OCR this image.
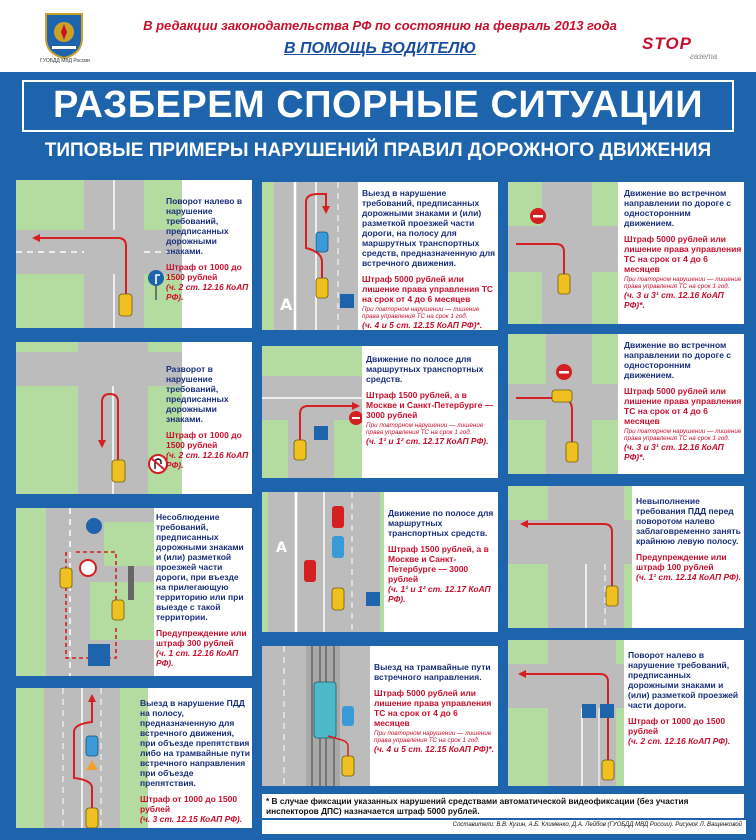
ГУОБДД МВД России
В редакции законодательства РФ по состоянию на февраль 2013 года
В ПОМОЩЬ ВОДИТЕЛЮ	STOP
газета
РАЗБЕРЕМ СПОРНЫЕ СИТУАЦИИ
ТИПОВЫЕ ПРИМЕРЫ НАРУШЕНИЙ ПРАВИЛ ДОРОЖНОГО ДВИЖЕНИЯ
Поворот налево в нарушение требований, предписанных дорожными знаками.
Штраф от 1000 до 1500 рублей
(ч. 2 ст. 12.16 КоАП РФ).
Разворот в нарушение требований, предписанных дорожными знаками.
Штраф от 1000 до 1500 рублей
(ч. 2 ст. 12.16 КоАП РФ).
Несоблюдение требований, предписанных дорожными знаками и (или) разметкой проезжей части дороги, при въезде на прилегающую территорию или при выезде с такой территории.
Предупреждение или штраф 300 рублей
(ч. 1 ст. 12.16 КоАП РФ).
Выезд в нарушение ПДД на полосу, предназначенную для встречного движения, при объезде препятствия либо на трамвайные пути встречного направления при объезде препятствия.
Штраф от 1000 до 1500 рублей
(ч. 3 ст. 12.15 КоАП РФ).
А
Выезд в нарушение требований, предписанных дорожными знаками и (или) разметкой проезжей части дороги, на полосу для маршрутных транспортных средств, предназначенную для встречного движения.
Штраф 5000 рублей или лишение права управления ТС на срок от 4 до 6 месяцев
При повторном нарушении — лишение права управления ТС на срок 1 год.
(ч. 4 и 5 ст. 12.15 КоАП РФ)*.
Движение по полосе для маршрутных транспортных средств.
Штраф 1500 рублей, а в Москве и Санкт-Петербурге — 3000 рублей
При повторном нарушении — лишение права управления ТС на срок 1 год.
(ч. 1¹ и 1² ст. 12.17 КоАП РФ).
А
Движение по полосе для маршрутных транспортных средств.
Штраф 1500 рублей, а в Москве и Санкт-Петербурге — 3000 рублей
(ч. 1¹ и 1² ст. 12.17 КоАП РФ).
Выезд на трамвайные пути встречного направления.
Штраф 5000 рублей или лишение права управления ТС на срок от 4 до 6 месяцев
При повторном нарушении — лишение права управления ТС на срок 1 год.
(ч. 4 и 5 ст. 12.15 КоАП РФ)*.
Движение во встречном направлении по дороге с односторонним движением.
Штраф 5000 рублей или лишение права управления ТС на срок от 4 до 6 месяцев
При повторном нарушении — лишение права управления ТС на срок 1 год.
(ч. 3 и 3¹ ст. 12.16 КоАП РФ)*.
Движение во встречном направлении по дороге с односторонним движением.
Штраф 5000 рублей или лишение права управления ТС на срок от 4 до 6 месяцев
При повторном нарушении — лишение права управления ТС на срок 1 год.
(ч. 3 и 3¹ ст. 12.16 КоАП РФ)*.
Невыполнение требования ПДД перед поворотом налево заблаговременно занять крайнюю левую полосу.
Предупреждение или штраф 100 рублей
(ч. 1¹ ст. 12.14 КоАП РФ).
Поворот налево в нарушение требований, предписанных дорожными знаками и (или) разметкой проезжей части дороги.
Штраф от 1000 до 1500 рублей
(ч. 2 ст. 12.16 КоАП РФ).
* В случае фиксации указанных нарушений средствами автоматической видеофиксации (без участия инспекторов ДПС) назначается штраф 5000 рублей.
Составители: В.В. Кузин, А.Б. Клименко, Д.А. Лейбов (ГУОБДД МВД России). Рисунок Л. Ващенковой
